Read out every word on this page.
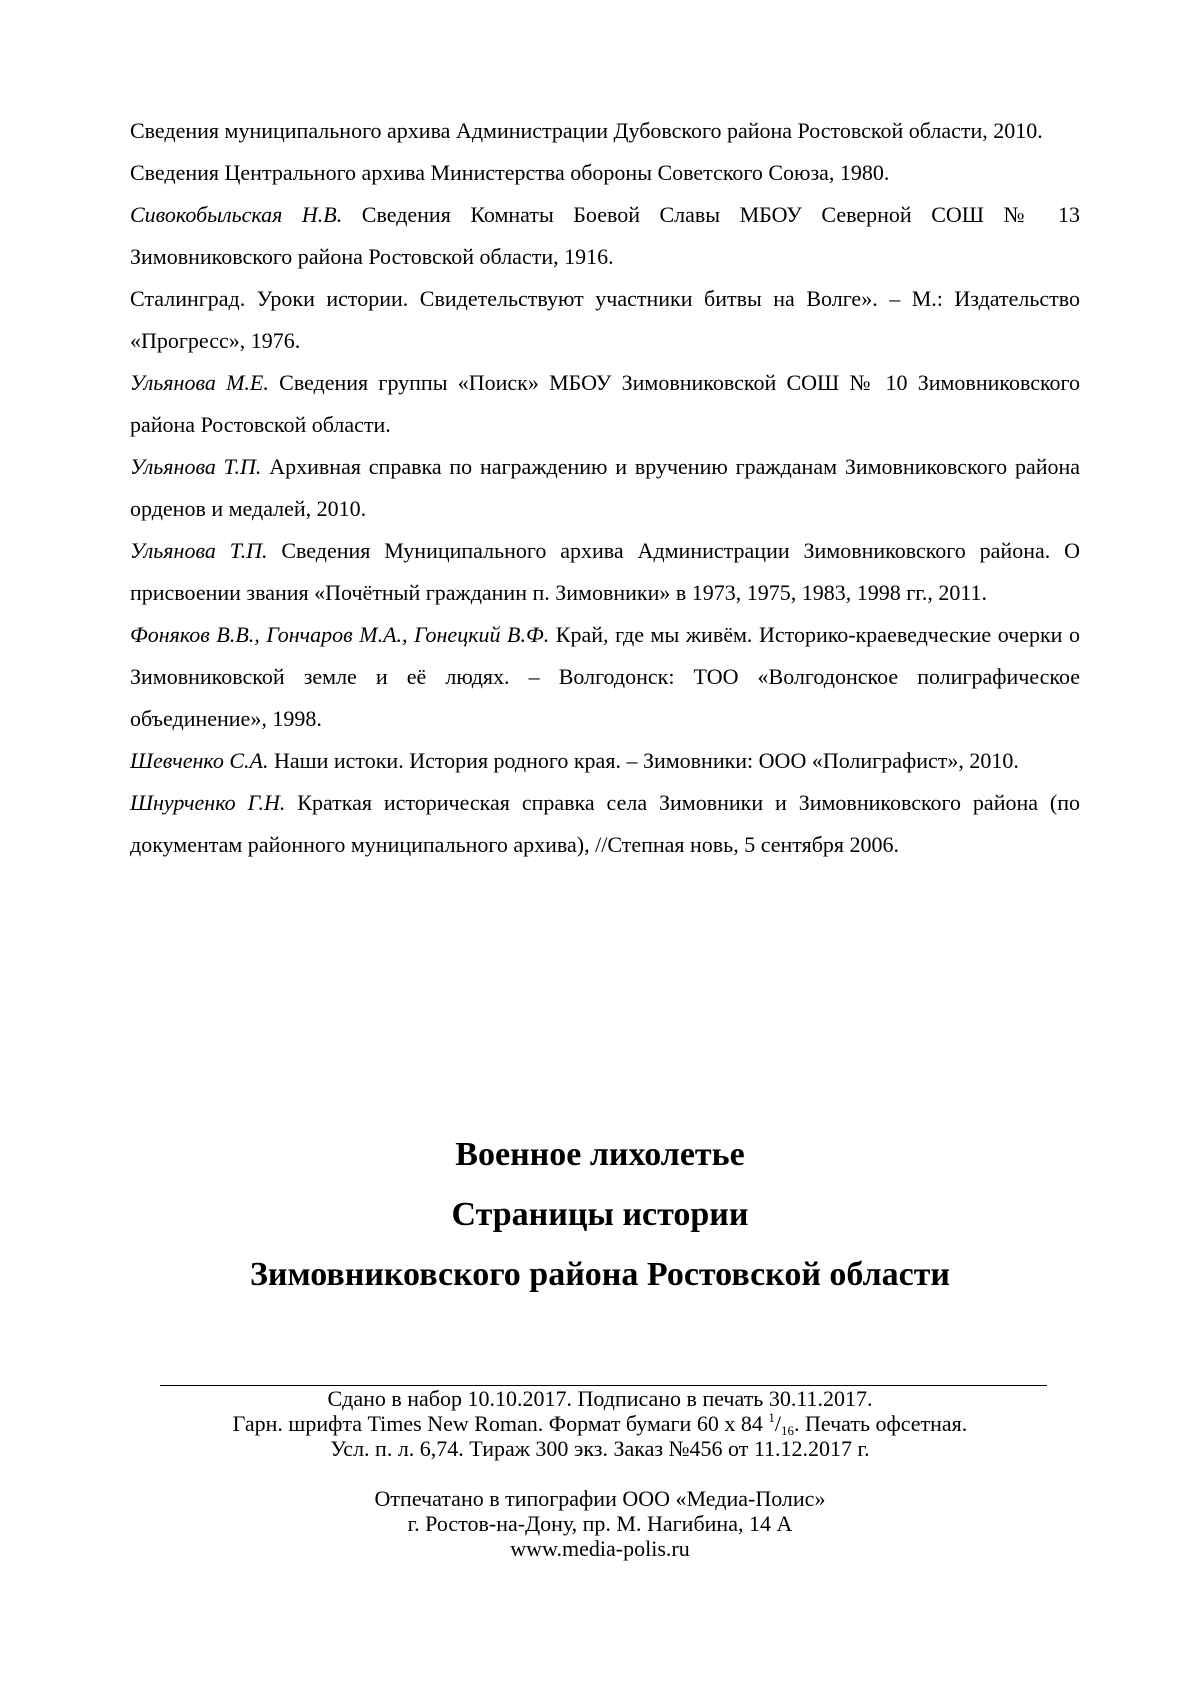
Сведения муниципального архива Администрации Дубовского района Ростовской области, 2010.

Сведения Центрального архива Министерства обороны Советского Союза, 1980.

Сивокобыльская Н.В. Сведения Комнаты Боевой Славы МБОУ Северной СОШ № 13 Зимовниковского района Ростовской области, 1916.

Сталинград. Уроки истории. Свидетельствуют участники битвы на Волге». – М.: Издательство «Прогресс», 1976.

Ульянова М.Е. Сведения группы «Поиск» МБОУ Зимовниковской СОШ № 10 Зимовниковского района Ростовской области.

Ульянова Т.П. Архивная справка по награждению и вручению гражданам Зимовниковского района орденов и медалей, 2010.

Ульянова Т.П. Сведения Муниципального архива Администрации Зимовниковского района. О присвоении звания «Почётный гражданин п. Зимовники» в 1973, 1975, 1983, 1998 гг., 2011.

Фоняков В.В., Гончаров М.А., Гонецкий В.Ф. Край, где мы живём. Историко-краеведческие очерки о Зимовниковской земле и её людях. – Волгодонск: ТОО «Волгодонское полиграфическое объединение», 1998.

Шевченко С.А. Наши истоки. История родного края. – Зимовники: ООО «Полиграфист», 2010.

Шнурченко Г.Н. Краткая историческая справка села Зимовники и Зимовниковского района (по документам районного муниципального архива), //Степная новь, 5 сентября 2006.

Военное лихолетье

Страницы истории

Зимовниковского района Ростовской области

Сдано в набор 10.10.2017. Подписано в печать 30.11.2017.

Гарн. шрифта Times New Roman. Формат бумаги 60 х 84 $^1$/16. Печать офсетная.

Усл. п. л. 6,74. Тираж 300 экз. Заказ №456 от 11.12.2017 г.

Отпечатано в типографии ООО «Медиа-Полис»

г. Ростов-на-Дону, пр. М. Нагибина, 14 А

www.media-polis.ru
